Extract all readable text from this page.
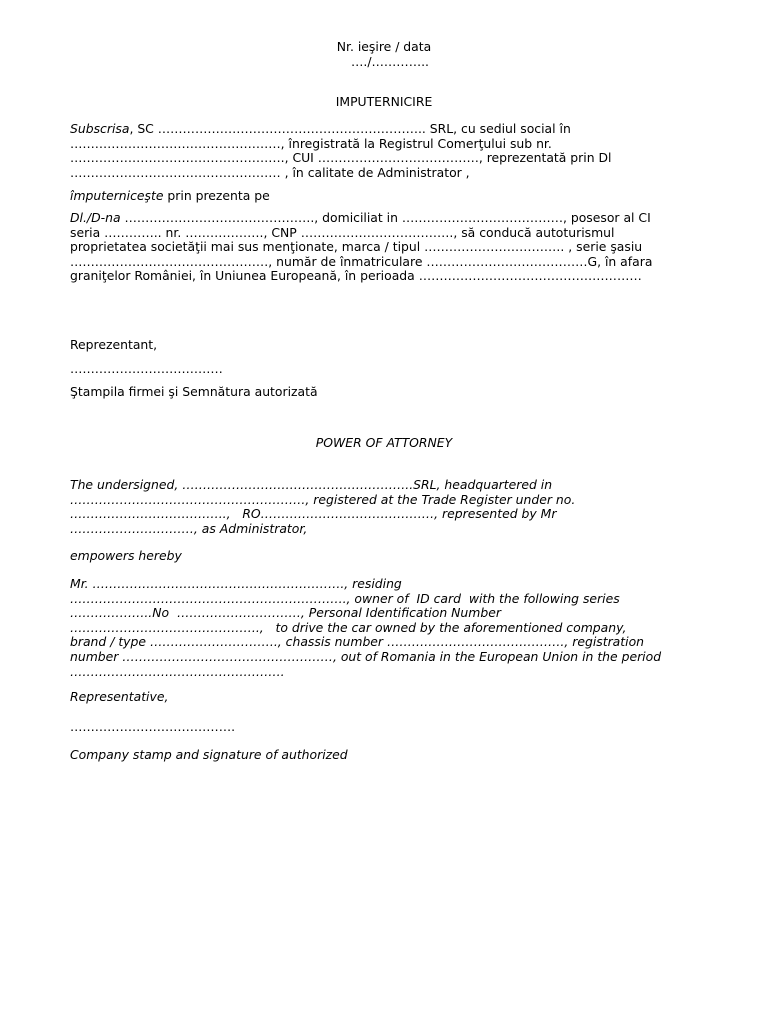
Nr. ieşire / data
…./…………..
IMPUTERNICIRE
Subscrisa, SC ……………………………………………………….. SRL, cu sediul social în
……………………………………………, înregistrată la Registrul Comerţului sub nr.
……………………………………………., CUI …………………………………, reprezentată prin Dl
…………………………………………… , în calitate de Administrator ,
împuterniceşte prin prezenta pe
Dl./D-na ………………………………………., domiciliat in …………………………………, posesor al CI
seria ………….. nr. ………………., CNP ………………………………., să conducă autoturismul
proprietatea societăţii mai sus menţionate, marca / tipul ……………………………. , serie şasiu
…………………………………………, număr de înmatriculare …………………………………G, în afara
graniţelor României, în Uniunea Europeană, în perioada ………………………………………………
Reprezentant,
……………………………….
Ştampila firmei şi Semnătura autorizată
POWER OF ATTORNEY
The undersigned, ………………………………………………..SRL, headquartered in
…………………………………………………, registered at the Trade Register under no.
………………………………..,   RO……………………………………, represented by Mr
…………………………, as Administrator,
empowers hereby
Mr. ……………………………………………………., residing
…………………………………………………………., owner of  ID card  with the following series
………………..No  …………………………, Personal Identification Number
……………………………………….,   to drive the car owned by the aforementioned company,
brand / type …………………………., chassis number ……………………………………., registration
number ……………………………………………, out of Romania in the European Union in the period
…………………………………………….
Representative,
………………………………….
Company stamp and signature of authorized
